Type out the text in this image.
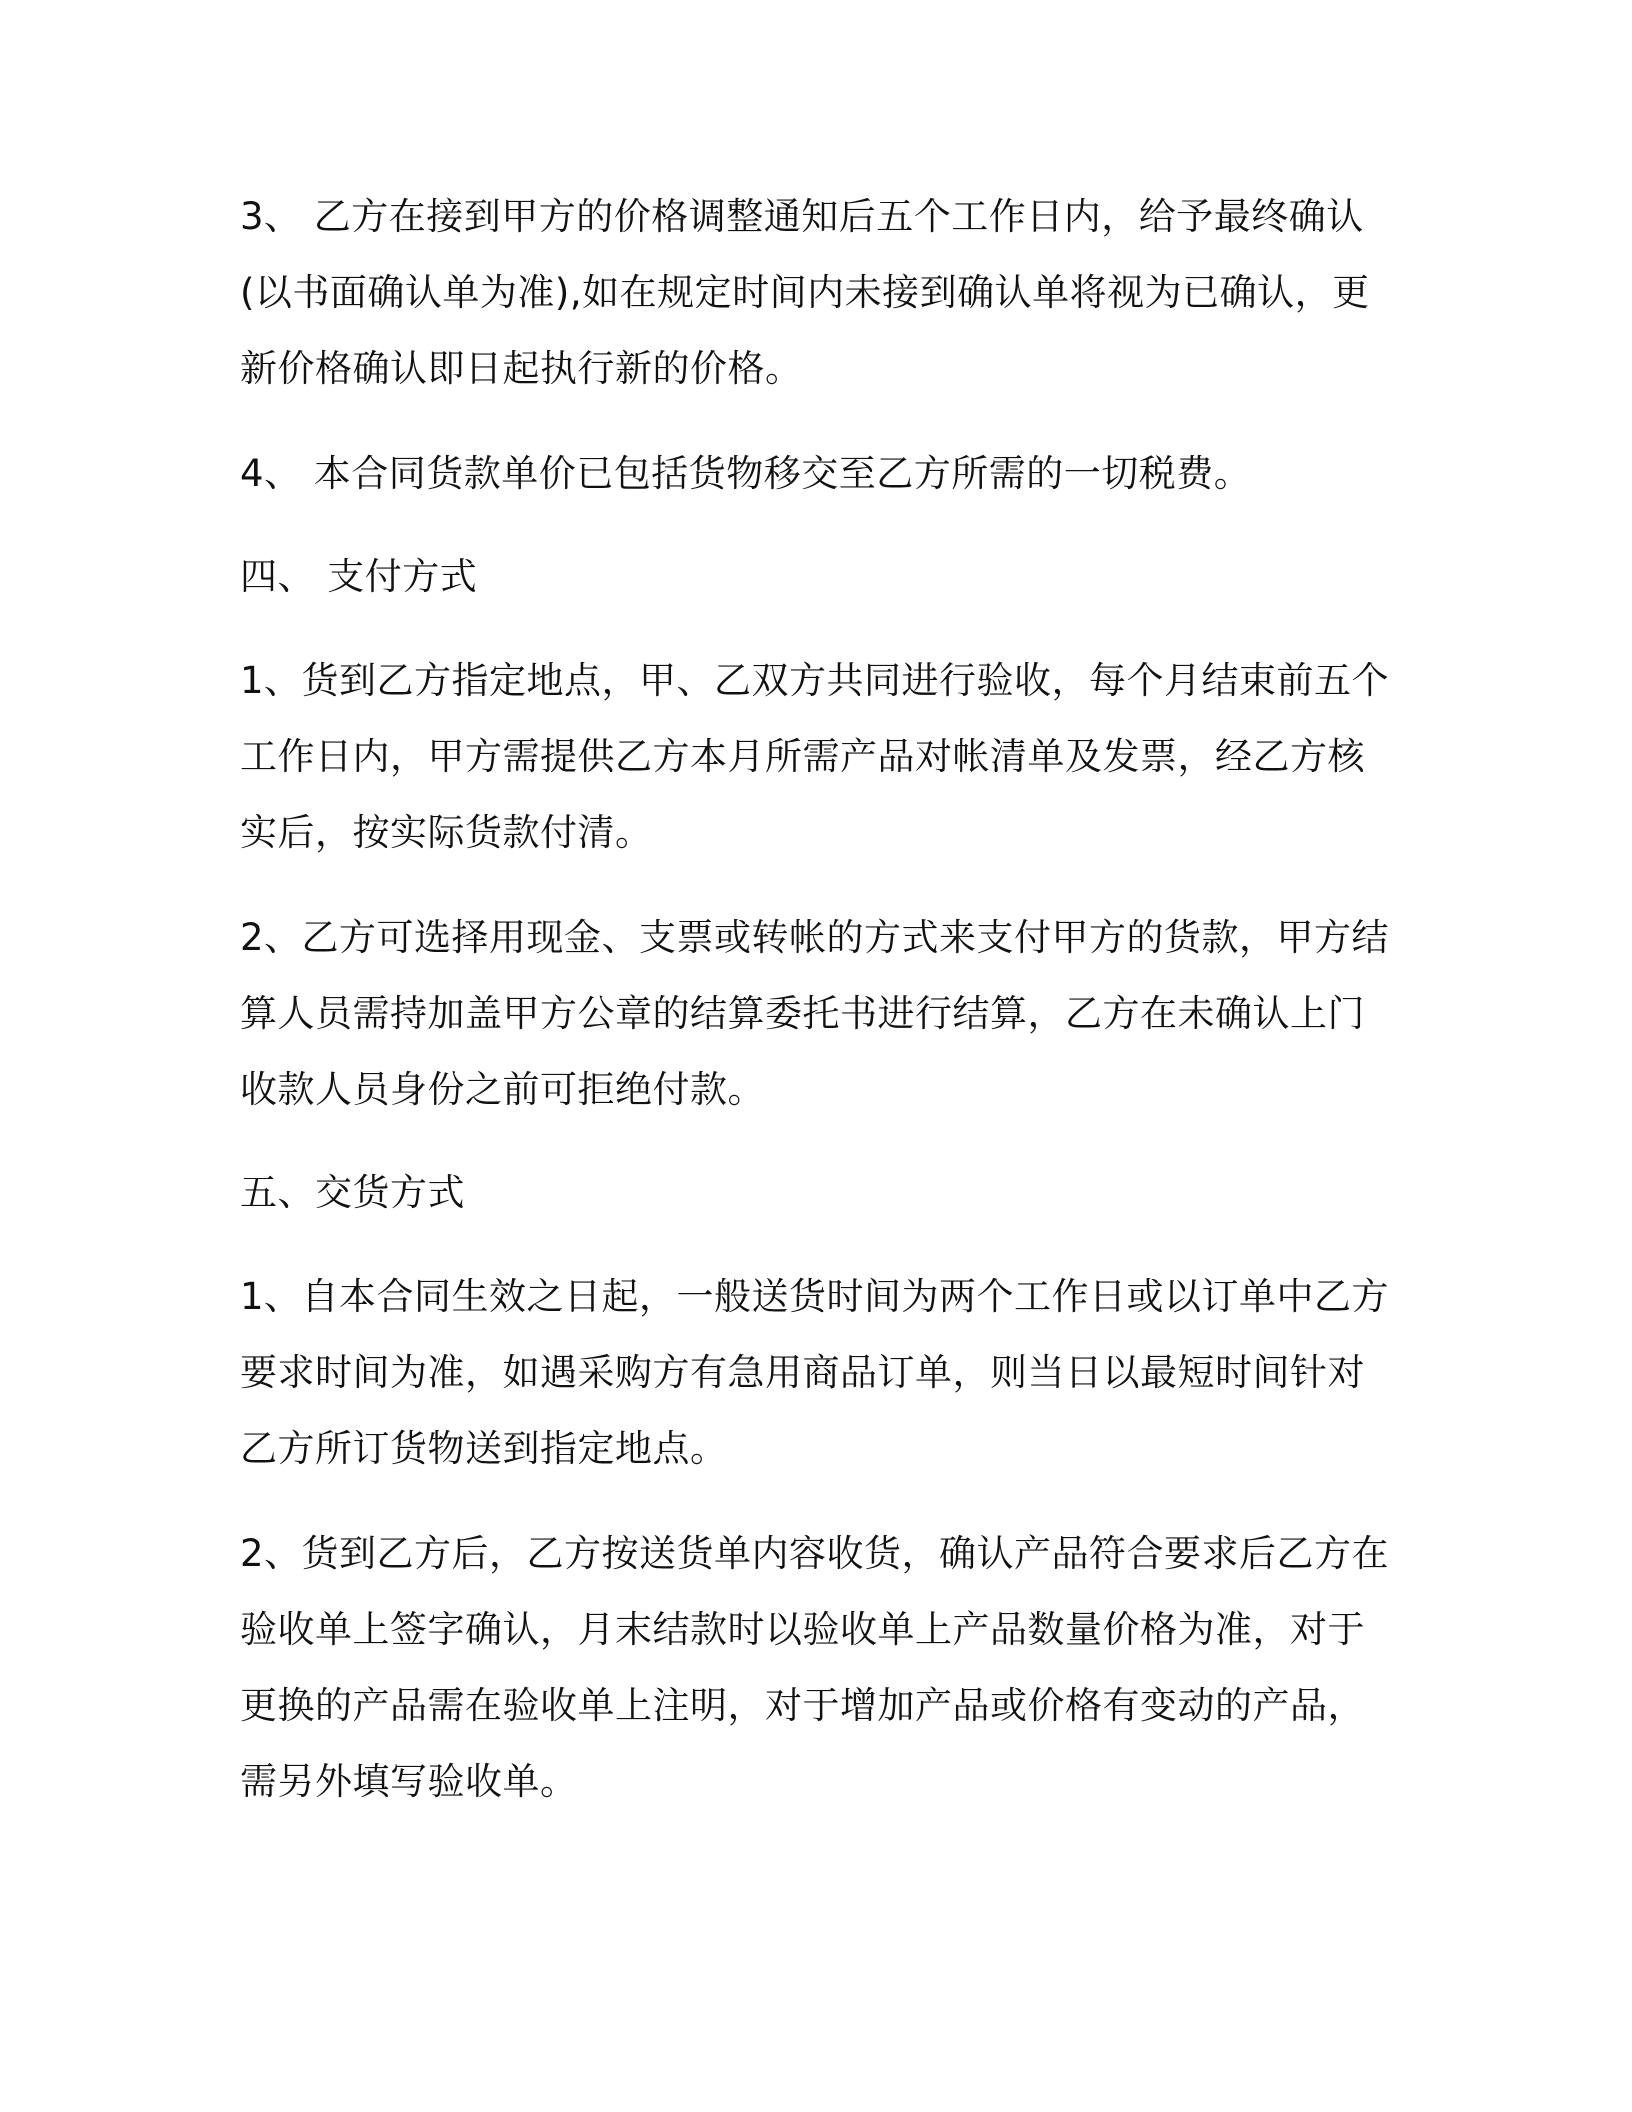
3、 乙方在接到甲方的价格调整通知后五个工作日内，给予最终确认
(以书面确认单为准),如在规定时间内未接到确认单将视为已确认，更
新价格确认即日起执行新的价格。
4、 本合同货款单价已包括货物移交至乙方所需的一切税费。
四、 支付方式
1、货到乙方指定地点，甲、乙双方共同进行验收，每个月结束前五个
工作日内，甲方需提供乙方本月所需产品对帐清单及发票，经乙方核
实后，按实际货款付清。
2、乙方可选择用现金、支票或转帐的方式来支付甲方的货款，甲方结
算人员需持加盖甲方公章的结算委托书进行结算，乙方在未确认上门
收款人员身份之前可拒绝付款。
五、交货方式
1、自本合同生效之日起，一般送货时间为两个工作日或以订单中乙方
要求时间为准，如遇采购方有急用商品订单，则当日以最短时间针对
乙方所订货物送到指定地点。
2、货到乙方后，乙方按送货单内容收货，确认产品符合要求后乙方在
验收单上签字确认，月末结款时以验收单上产品数量价格为准，对于
更换的产品需在验收单上注明，对于增加产品或价格有变动的产品，
需另外填写验收单。
